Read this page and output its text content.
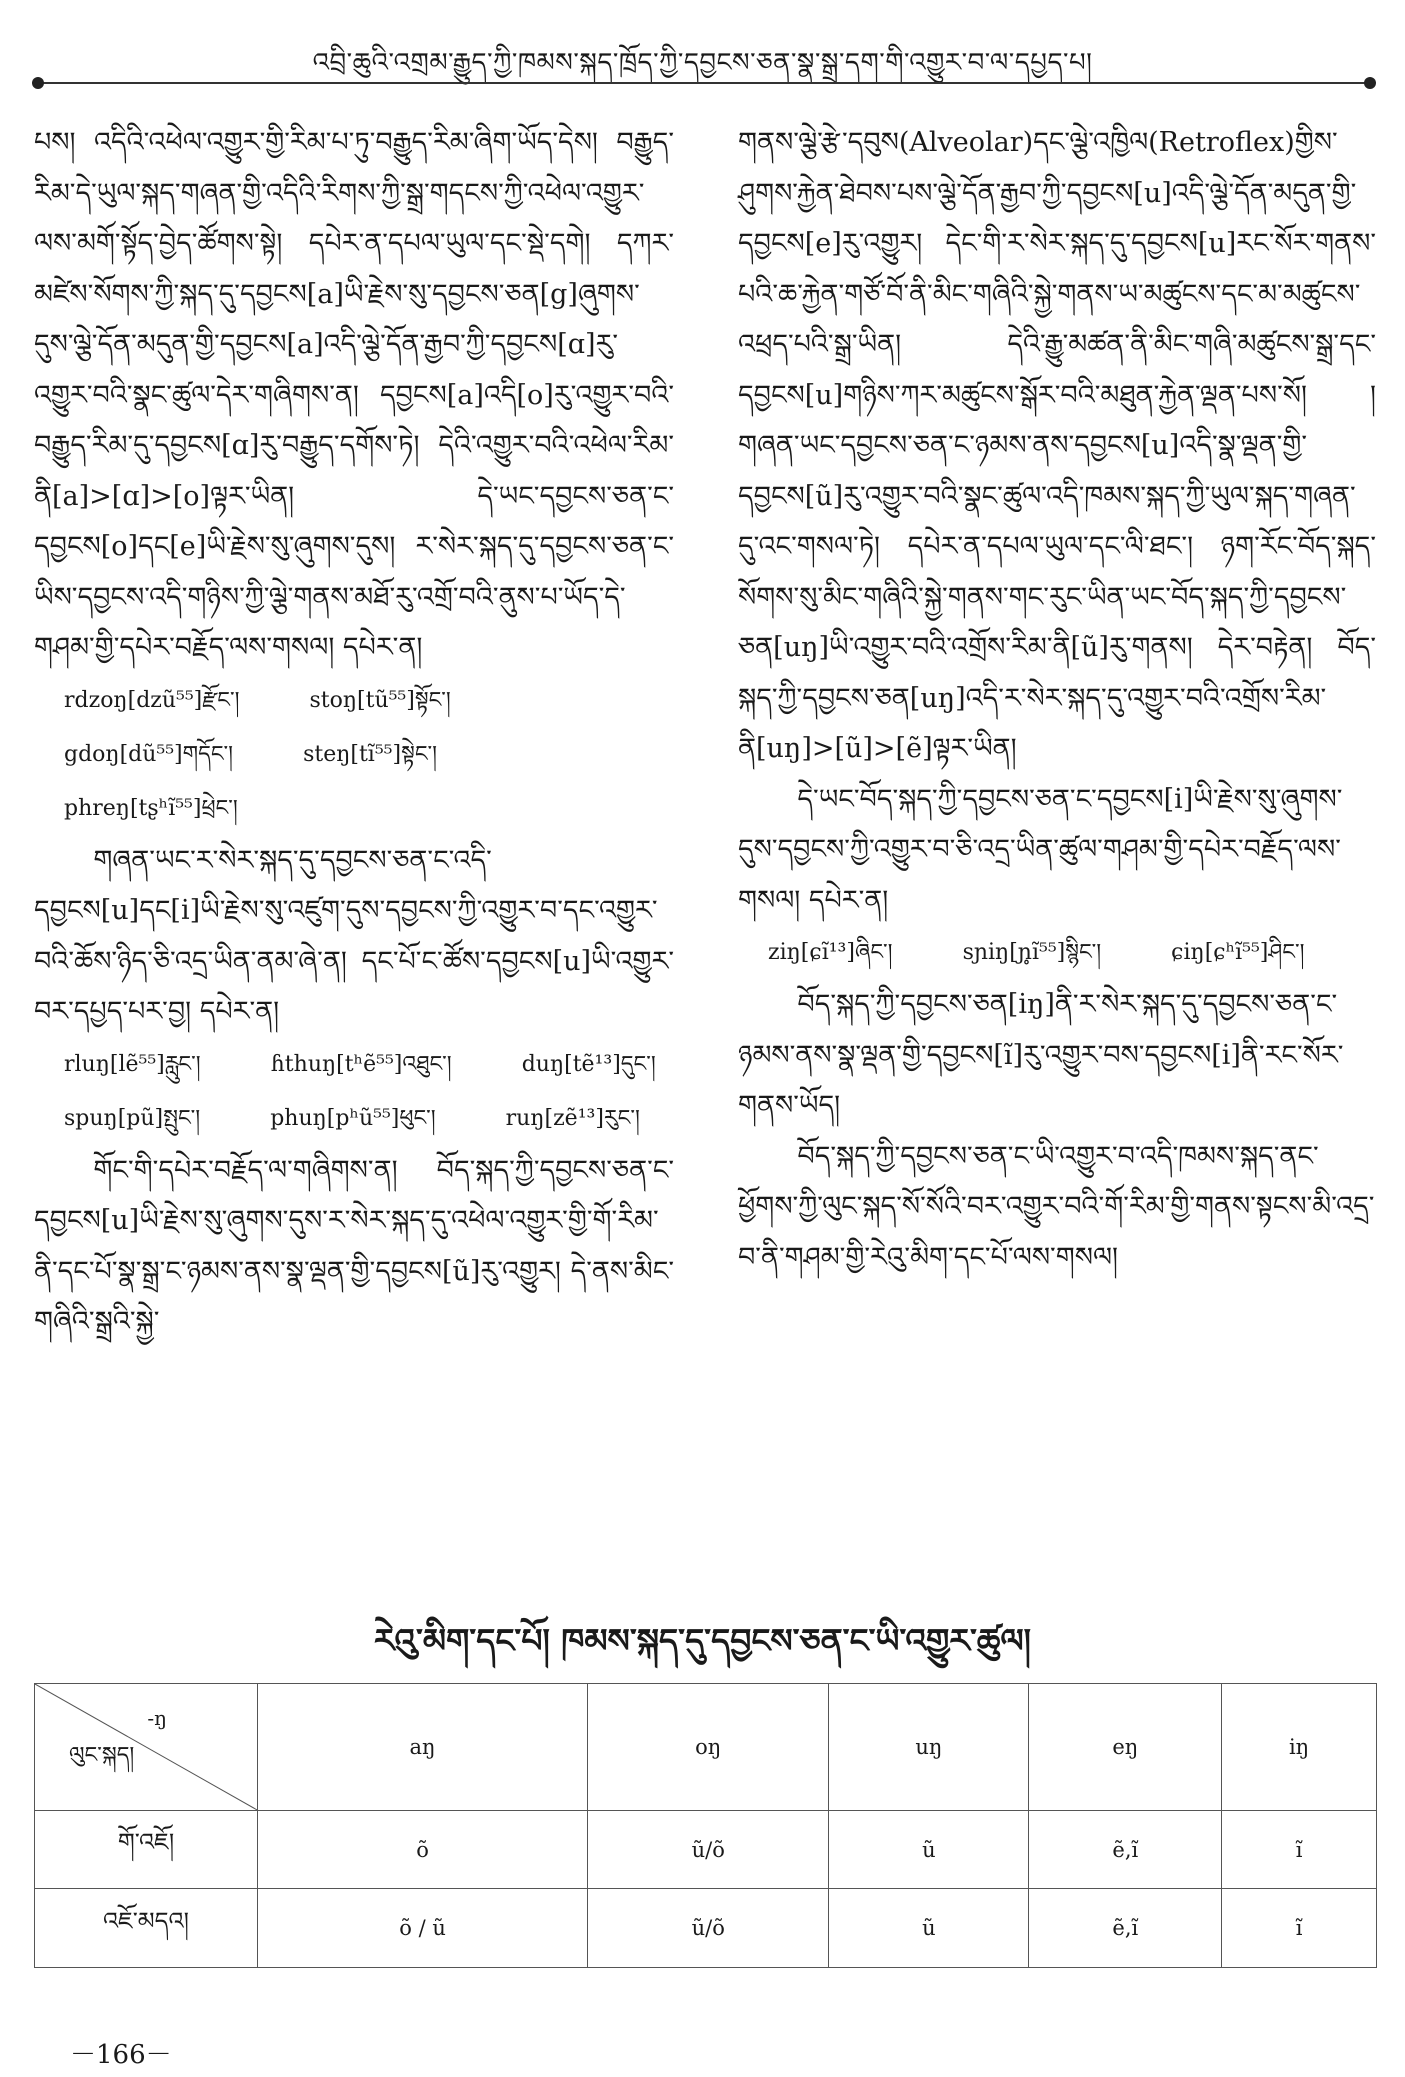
འབྲི་ཆུའི་འགྲམ་རྒྱུད་ཀྱི་ཁམས་སྐད་ཁྲོད་ཀྱི་དབྱངས་ཅན་སྣ་སྒྲ་དག་གི་འགྱུར་བ་ལ་དཔྱད་པ།

པས། འདིའི་འཕེལ་འགྱུར་གྱི་རིམ་པ་ཏུ་བརྒྱུད་རིམ་ཞིག་ཡོད་དེས། བརྒྱུད་རིམ་དེ་ཡུལ་སྐད་གཞན་གྱི་འདིའི་རིགས་ཀྱི་སྒྲ་གདངས་ཀྱི་འཕེལ་འགྱུར་ལས་མགོ་སྟོད་བྱེད་ཚོགས་སྟེ། དཔེར་ན་དཔལ་ཡུལ་དང་སྡེ་དགེ། དཀར་མཛེས་སོགས་ཀྱི་སྐད་དུ་དབྱངས[a]ཡི་རྗེས་སུ་དབྱངས་ཅན[g]ཞུགས་དུས་ལྕེ་དོན་མདུན་གྱི་དབྱངས[a]འདི་ལྕེ་དོན་རྒྱབ་ཀྱི་དབྱངས[ɑ]རུ་འགྱུར་བའི་སྣང་ཚུལ་དེར་གཞིགས་ན། དབྱངས[a]འདི[o]རུ་འགྱུར་བའི་བརྒྱུད་རིམ་དུ་དབྱངས[ɑ]རུ་བརྒྱུད་དགོས་ཏེ། དེའི་འགྱུར་བའི་འཕེལ་རིམ་ནི[a]>[ɑ]>[o]ལྟར་ཡིན། དེ་ཡང་དབྱངས་ཅན་ང་དབྱངས[o]དང[e]ཡི་རྗེས་སུ་ཞུགས་དུས། ར་སེར་སྐད་དུ་དབྱངས་ཅན་ང་ཡིས་དབྱངས་འདི་གཉིས་ཀྱི་ལྕེ་གནས་མཐོ་རུ་འགྲོ་བའི་ནུས་པ་ཡོད་དེ་གཤམ་གྱི་དཔེར་བརྗོད་ལས་གསལ། དཔེར་ན།

rdzoŋ[dzũ⁵⁵]རྫོང་།	stoŋ[tũ⁵⁵]སྟོང་།
gdoŋ[dũ⁵⁵]གདོང་།	steŋ[tĩ⁵⁵]སྟེང་།
phreŋ[tʂʰĩ⁵⁵]ཕྲེང་།

གཞན་ཡང་ར་སེར་སྐད་དུ་དབྱངས་ཅན་ང་འདི་དབྱངས[u]དང[i]ཡི་རྗེས་སུ་འཛུག་དུས་དབྱངས་ཀྱི་འགྱུར་བ་དང་འགྱུར་བའི་ཆོས་ཉིད་ཅི་འདྲ་ཡིན་ནམ་ཞེ་ན། དང་པོ་ང་ཚོས་དབྱངས[u]ཡི་འགྱུར་བར་དཔྱད་པར་བྱ། དཔེར་ན།

rluŋ[lẽ⁵⁵]རླུང་།	ɦthuŋ[tʰẽ⁵⁵]འཐུང་།	duŋ[tẽ¹³]དུང་།
spuŋ[pũ]སྤུང་།	phuŋ[pʰũ⁵⁵]ཕུང་།	ruŋ[zẽ¹³]རུང་།

གོང་གི་དཔེར་བརྗོད་ལ་གཞིགས་ན། བོད་སྐད་ཀྱི་དབྱངས་ཅན་ང་དབྱངས[u]ཡི་རྗེས་སུ་ཞུགས་དུས་ར་སེར་སྐད་དུ་འཕེལ་འགྱུར་གྱི་གོ་རིམ་ནི་དང་པོ་སྣ་སྒྲ་ང་ཉམས་ནས་སྣ་ལྡན་གྱི་དབྱངས[ũ]རུ་འགྱུར། དེ་ནས་མིང་གཞིའི་སྒྲའི་སྐྱེ་

གནས་ལྕེ་རྩེ་དབུས(Alveolar)དང་ལྕེ་འཁྱིལ(Retroflex)གྱིས་ཤུགས་རྐྱེན་ཐེབས་པས་ལྕེ་དོན་རྒྱབ་ཀྱི་དབྱངས[u]འདི་ལྕེ་དོན་མདུན་གྱི་དབྱངས[e]རུ་འགྱུར། དེང་གི་ར་སེར་སྐད་དུ་དབྱངས[u]རང་སོར་གནས་པའི་ཆ་རྐྱེན་གཙོ་བོ་ནི་མིང་གཞིའི་སྐྱེ་གནས་ཡ་མཚུངས་དང་མ་མཚུངས་འཕྲད་པའི་སྒྲ་ཡིན། དེའི་རྒྱུ་མཚན་ནི་མིང་གཞི་མཚུངས་སྒྲ་དང་དབྱངས[u]གཉིས་ཀར་མཚུངས་སྒོར་བའི་མཐུན་རྐྱེན་ལྡན་པས་སོ། །གཞན་ཡང་དབྱངས་ཅན་ང་ཉམས་ནས་དབྱངས[u]འདི་སྣ་ལྡན་གྱི་དབྱངས[ũ]རུ་འགྱུར་བའི་སྣང་ཚུལ་འདི་ཁམས་སྐད་ཀྱི་ཡུལ་སྐད་གཞན་དུ་འང་གསལ་ཏེ། དཔེར་ན་དཔལ་ཡུལ་དང་ལི་ཐང་། ཉག་རོང་བོད་སྐད་སོགས་སུ་མིང་གཞིའི་སྐྱེ་གནས་གང་རུང་ཡིན་ཡང་བོད་སྐད་ཀྱི་དབྱངས་ཅན[uŋ]ཡི་འགྱུར་བའི་འགྲོས་རིམ་ནི[ũ]རུ་གནས། དེར་བརྟེན། བོད་སྐད་ཀྱི་དབྱངས་ཅན[uŋ]འདི་ར་སེར་སྐད་དུ་འགྱུར་བའི་འགྲོས་རིམ་ནི[uŋ]>[ũ]>[ẽ]ལྟར་ཡིན།

དེ་ཡང་བོད་སྐད་ཀྱི་དབྱངས་ཅན་ང་དབྱངས[i]ཡི་རྗེས་སུ་ཞུགས་དུས་དབྱངས་ཀྱི་འགྱུར་བ་ཅི་འདྲ་ཡིན་ཚུལ་གཤམ་གྱི་དཔེར་བརྗོད་ལས་གསལ། དཔེར་ན།

ziŋ[ɕĩ¹³]ཞིང་།	sɲiŋ[ɲ̥ĩ⁵⁵]སྙིང་།	ɕiŋ[ɕʰĩ⁵⁵]ཤིང་།

བོད་སྐད་ཀྱི་དབྱངས་ཅན[iŋ]ནི་ར་སེར་སྐད་དུ་དབྱངས་ཅན་ང་ཉམས་ནས་སྣ་ལྡན་གྱི་དབྱངས[ĩ]རུ་འགྱུར་བས་དབྱངས[i]ནི་རང་སོར་གནས་ཡོད།

བོད་སྐད་ཀྱི་དབྱངས་ཅན་ང་ཡི་འགྱུར་བ་འདི་ཁམས་སྐད་ནང་ཕྱོགས་ཀྱི་ལུང་སྐད་སོ་སོའི་བར་འགྱུར་བའི་གོ་རིམ་གྱི་གནས་སྟངས་མི་འདྲ་བ་ནི་གཤམ་གྱི་རེའུ་མིག་དང་པོ་ལས་གསལ།

རེའུ་མིག་དང་པོ། ཁམས་སྐད་དུ་དབྱངས་ཅན་ང་ཡི་འགྱུར་ཚུལ།
-ŋ
ལུང་སྐད།	aŋ	oŋ	uŋ	eŋ	iŋ
གོ་འཇོ།	õ	ũ/õ	ũ	ẽ,ĩ	ĩ
འཇོ་མདའ།	õ / ũ	ũ/õ	ũ	ẽ,ĩ	ĩ
－166－
